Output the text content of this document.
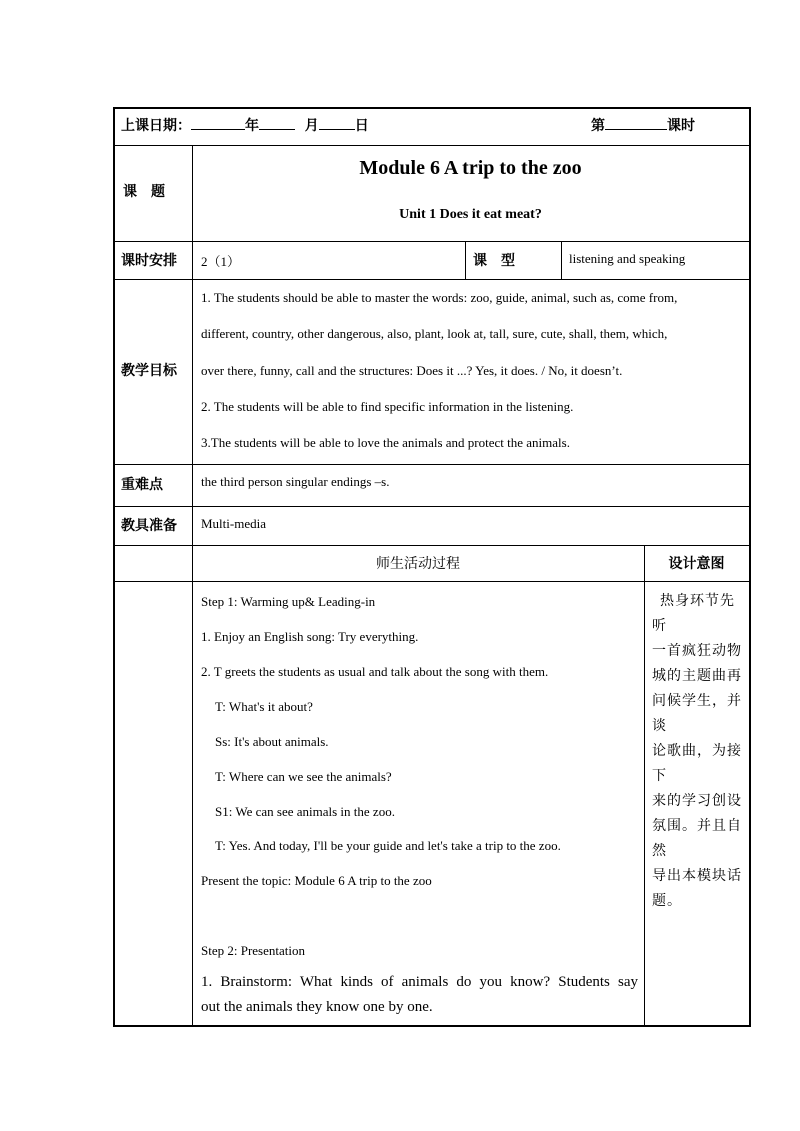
上课日期：	年	月	日	第	课时
课　题
Module 6 A trip to the zoo
Unit 1 Does it eat meat?
课时安排 2（1）	课　型	listening and speaking
教学目标
1. The students should be able to master the words: zoo, guide, animal, such as, come from,
different, country, other dangerous, also, plant, look at, tall, sure, cute, shall, them, which,
over there, funny, call and the structures: Does it ...? Yes, it does. / No, it doesn’t.
2. The students will be able to find specific information in the listening.
3.The students will be able to love the animals and protect the animals.
重难点	the third person singular endings –s.
教具准备 Multi-media
师生活动过程	设计意图
Step 1: Warming up& Leading-in
1. Enjoy an English song: Try everything.
2. T greets the students as usual and talk about the song with them.
T: What's it about?
Ss: It's about animals.
T: Where can we see the animals?
S1: We can see animals in the zoo.
T: Yes. And today, I'll be your guide and let's take a trip to the zoo.
Present the topic: Module 6 A trip to the zoo
Step 2: Presentation
1. Brainstorm: What kinds of animals do you know? Students say
out the animals they know one by one.
热身环节先听
一首疯狂动物
城的主题曲再
问候学生，并谈
论歌曲，为接下
来的学习创设
氛围。并且自然
导出本模块话
题。
